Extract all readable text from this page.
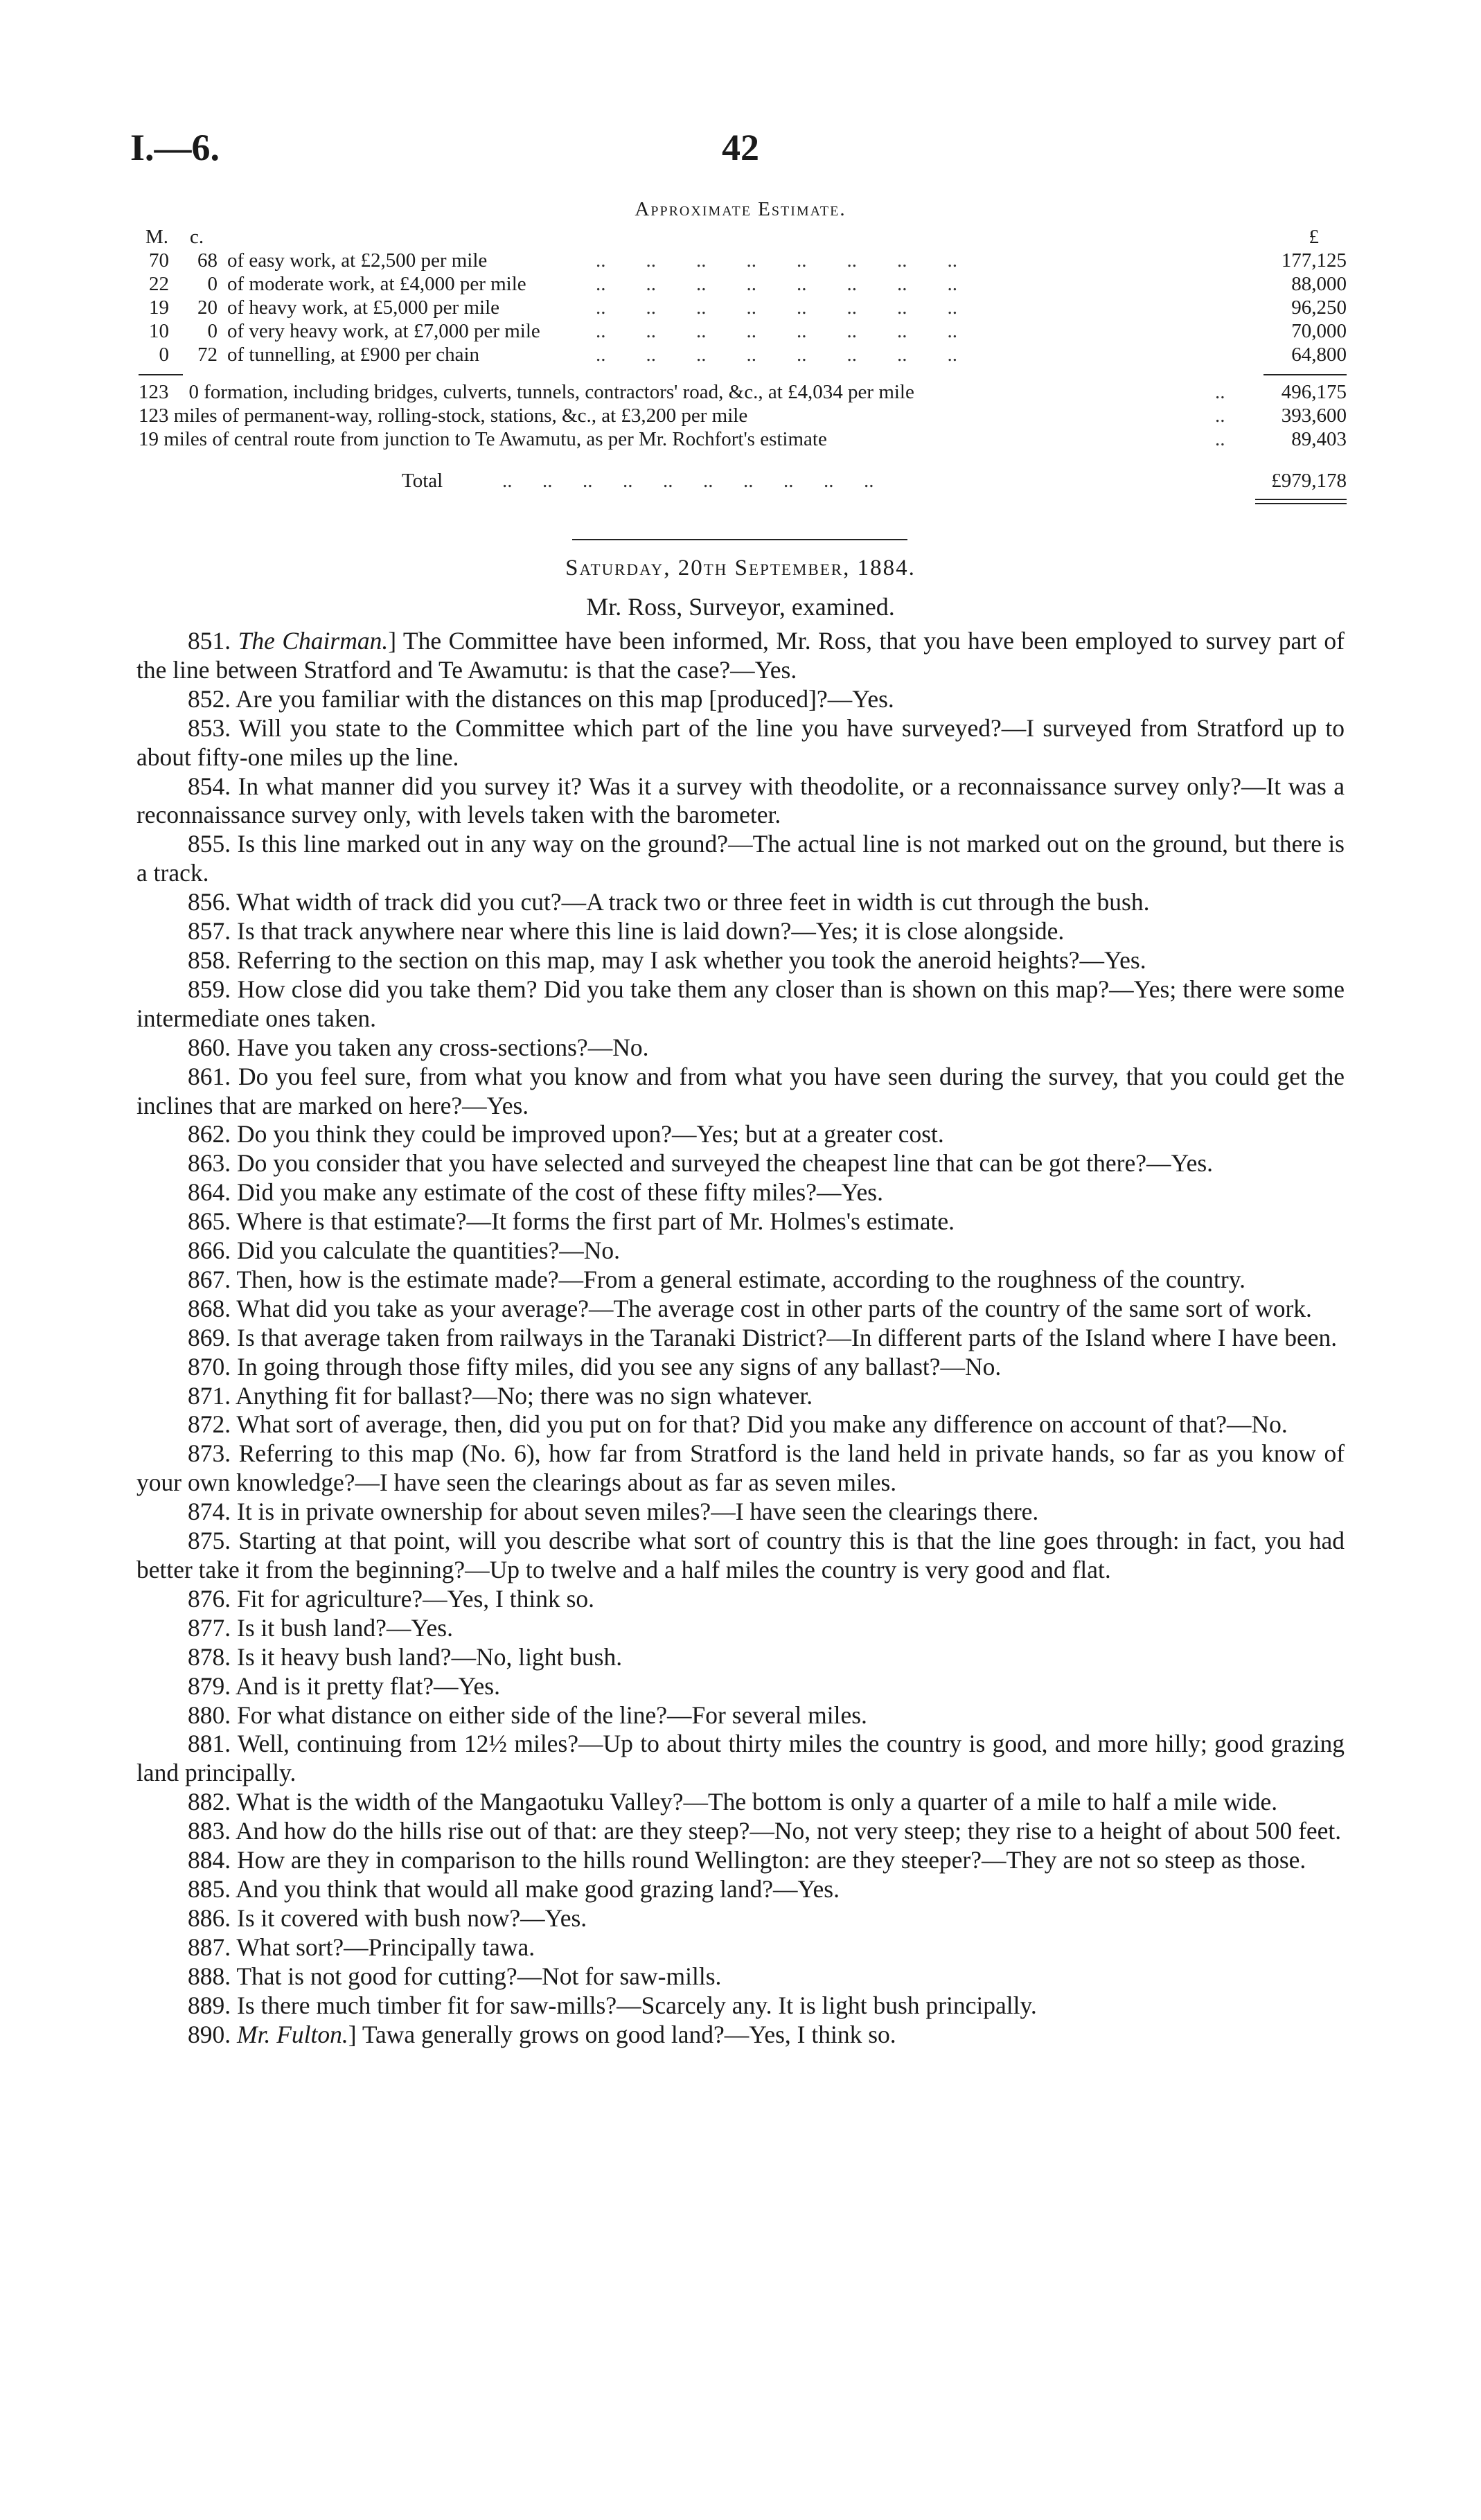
I.—6.	42
Approximate Estimate.
M. c.	£
70	68 of easy work, at £2,500 per mile	177,125
..        ..        ..        ..        ..        ..        ..        ..
22	0 of moderate work, at £4,000 per mile	88,000
..        ..        ..        ..        ..        ..        ..        ..
19	20 of heavy work, at £5,000 per mile	96,250
..        ..        ..        ..        ..        ..        ..        ..
10	0 of very heavy work, at £7,000 per mile	70,000
..        ..        ..        ..        ..        ..        ..        ..
0	72 of tunnelling, at £900 per chain	64,800
..        ..        ..        ..        ..        ..        ..        ..
123    0 formation, including bridges, culverts, tunnels, contractors' road, &c., at £4,034 per mile	496,175
..
123 miles of permanent-way, rolling-stock, stations, &c., at £3,200 per mile	393,600
..
19 miles of central route from junction to Te Awamutu, as per Mr. Rochfort's estimate	89,403
..
Total	..      ..      ..      ..      ..      ..      ..      ..      ..      ..	£979,178
Saturday, 20th September, 1884.
Mr. Ross, Surveyor, examined.

851. The Chairman.] The Committee have been informed, Mr. Ross, that you have been employed to survey part of the line between Stratford and Te Awamutu: is that the case?—Yes.

852. Are you familiar with the distances on this map [produced]?—Yes.

853. Will you state to the Committee which part of the line you have surveyed?—I surveyed from Stratford up to about fifty-one miles up the line.

854. In what manner did you survey it? Was it a survey with theodolite, or a reconnaissance survey only?—It was a reconnaissance survey only, with levels taken with the barometer.

855. Is this line marked out in any way on the ground?—The actual line is not marked out on the ground, but there is a track.

856. What width of track did you cut?—A track two or three feet in width is cut through the bush.

857. Is that track anywhere near where this line is laid down?—Yes; it is close alongside.

858. Referring to the section on this map, may I ask whether you took the aneroid heights?—Yes.

859. How close did you take them? Did you take them any closer than is shown on this map?—Yes; there were some intermediate ones taken.

860. Have you taken any cross-sections?—No.

861. Do you feel sure, from what you know and from what you have seen during the survey, that you could get the inclines that are marked on here?—Yes.

862. Do you think they could be improved upon?—Yes; but at a greater cost.

863. Do you consider that you have selected and surveyed the cheapest line that can be got there?—Yes.

864. Did you make any estimate of the cost of these fifty miles?—Yes.

865. Where is that estimate?—It forms the first part of Mr. Holmes's estimate.

866. Did you calculate the quantities?—No.

867. Then, how is the estimate made?—From a general estimate, according to the roughness of the country.

868. What did you take as your average?—The average cost in other parts of the country of the same sort of work.

869. Is that average taken from railways in the Taranaki District?—In different parts of the Island where I have been.

870. In going through those fifty miles, did you see any signs of any ballast?—No.

871. Anything fit for ballast?—No; there was no sign whatever.

872. What sort of average, then, did you put on for that? Did you make any difference on account of that?—No.

873. Referring to this map (No. 6), how far from Stratford is the land held in private hands, so far as you know of your own knowledge?—I have seen the clearings about as far as seven miles.

874. It is in private ownership for about seven miles?—I have seen the clearings there.

875. Starting at that point, will you describe what sort of country this is that the line goes through: in fact, you had better take it from the beginning?—Up to twelve and a half miles the country is very good and flat.

876. Fit for agriculture?—Yes, I think so.

877. Is it bush land?—Yes.

878. Is it heavy bush land?—No, light bush.

879. And is it pretty flat?—Yes.

880. For what distance on either side of the line?—For several miles.

881. Well, continuing from 12½ miles?—Up to about thirty miles the country is good, and more hilly; good grazing land principally.

882. What is the width of the Mangaotuku Valley?—The bottom is only a quarter of a mile to half a mile wide.

883. And how do the hills rise out of that: are they steep?—No, not very steep; they rise to a height of about 500 feet.

884. How are they in comparison to the hills round Wellington: are they steeper?—They are not so steep as those.

885. And you think that would all make good grazing land?—Yes.

886. Is it covered with bush now?—Yes.

887. What sort?—Principally tawa.

888. That is not good for cutting?—Not for saw-mills.

889. Is there much timber fit for saw-mills?—Scarcely any. It is light bush principally.

890. Mr. Fulton.] Tawa generally grows on good land?—Yes, I think so.
